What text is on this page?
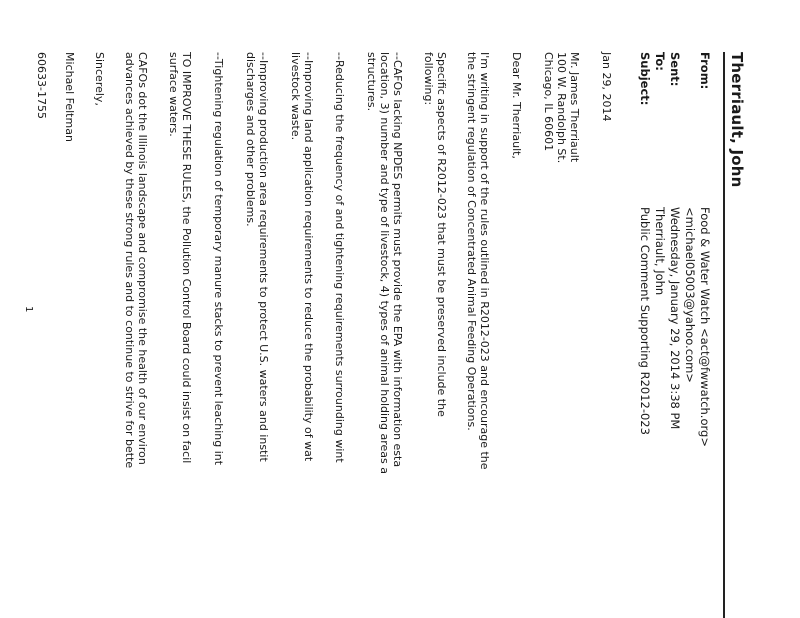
Therriault, John
From:
Food & Water Watch <act@fwwatch.org>
<michael05003@yahoo.com>
Sent:
Wednesday, January 29, 2014 3:38 PM
To:
Therriault, John
Subject:
Public Comment Supporting R2012-023
Jan 29, 2014
Mr. James Therriault
100 W. Randolph St.
Chicago, IL 60601
Dear Mr. Therriault,
I'm writing in support of the rules outlined in R2012-023 and encourage the
the stringent regulation of Concentrated Animal Feeding Operations.
Specific aspects of R2012-023 that must be preserved include the
following:
--CAFOs lacking NPDES permits must provide the EPA with information esta
location, 3) number and type of livestock, 4) types of animal holding areas a
structures.
--Reducing the frequency of and tightening requirements surrounding wint
--Improving land application requirements to reduce the probability of wat
livestock waste.
--Improving production area requirements to protect U.S. waters and instit
discharges and other problems.
--Tightening regulation of temporary manure stacks to prevent leaching int
TO IMPROVE THESE RULES, the Pollution Control Board could insist on facil
surface waters.
CAFOs dot the Illinois landscape and compromise the health of our environ
advances achieved by these strong rules and to continue to strive for bette
Sincerely,
Michael Feltman
60633-1755
1
